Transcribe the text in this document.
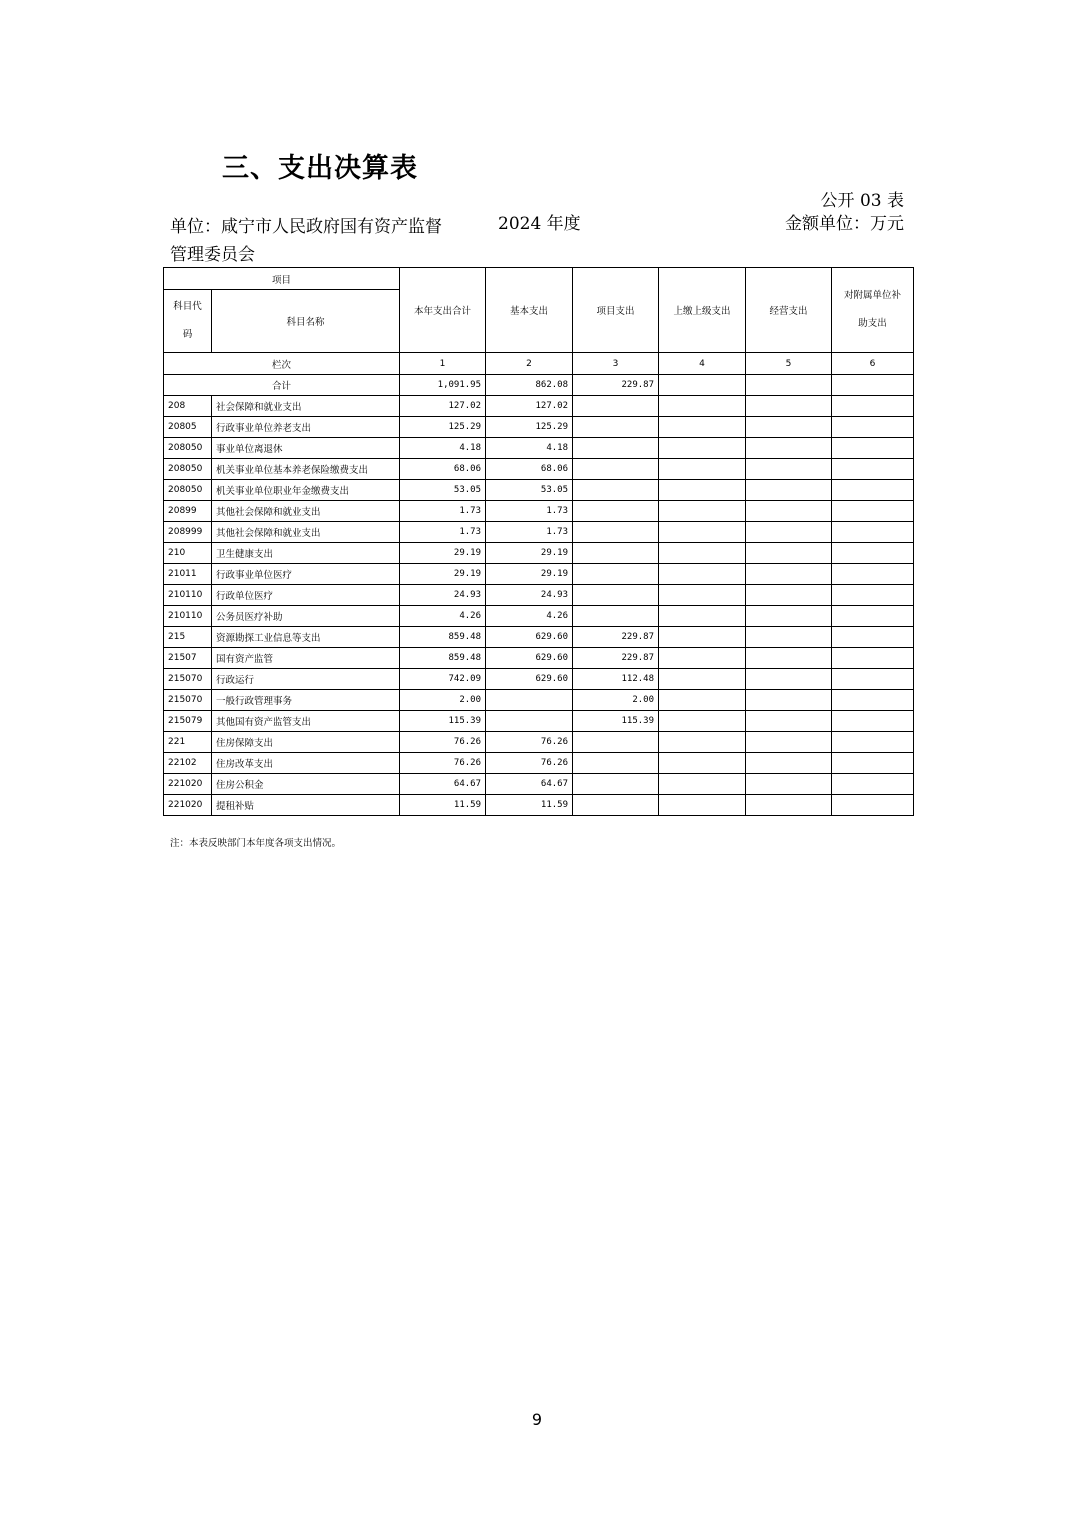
三、支出决算表
公开 03 表
单位：咸宁市人民政府国有资产监督管理委员会
2024 年度	金额单位：万元
项目		本年支出合计	基本支出	项目支出	上缴上级支出	经营支出	对附属单位补助支出
科目代码	科目名称						
栏次		1	2	3	4	5	6
合计		1,091.95	862.08	229.87			
208	社会保障和就业支出	127.02	127.02				
20805	行政事业单位养老支出	125.29	125.29				
208050	事业单位离退休	4.18	4.18				
208050	机关事业单位基本养老保险缴费支出	68.06	68.06				
208050	机关事业单位职业年金缴费支出	53.05	53.05				
20899	其他社会保障和就业支出	1.73	1.73				
208999	其他社会保障和就业支出	1.73	1.73				
210	卫生健康支出	29.19	29.19				
21011	行政事业单位医疗	29.19	29.19				
210110	行政单位医疗	24.93	24.93				
210110	公务员医疗补助	4.26	4.26				
215	资源勘探工业信息等支出	859.48	629.60	229.87			
21507	国有资产监管	859.48	629.60	229.87			
215070	行政运行	742.09	629.60	112.48			
215070	一般行政管理事务	2.00		2.00			
215079	其他国有资产监管支出	115.39		115.39			
221	住房保障支出	76.26	76.26				
22102	住房改革支出	76.26	76.26				
221020	住房公积金	64.67	64.67				
221020	提租补贴	11.59	11.59				
注：本表反映部门本年度各项支出情况。
9
